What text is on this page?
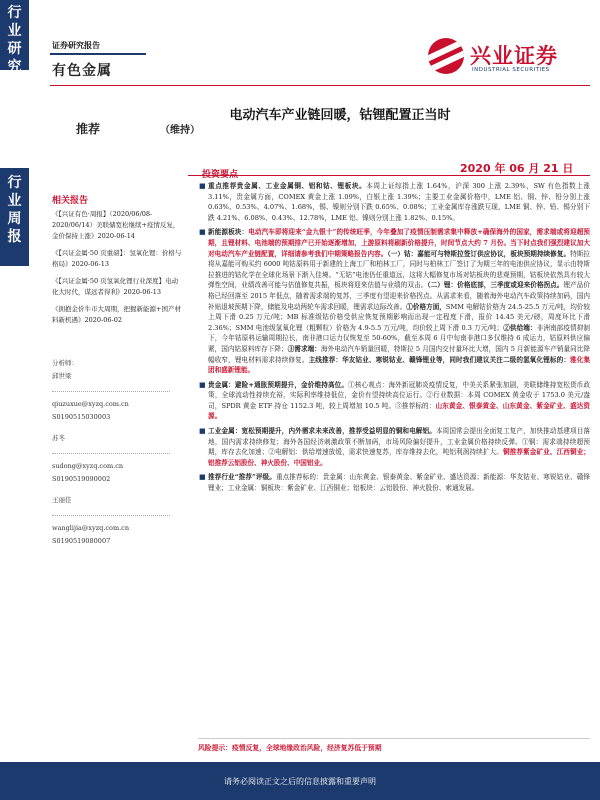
行
业
研
究
证券研究报告
有色金属
兴业证券
INDUSTRIAL SECURITIES
电动汽车产业链回暖，钴锂配置正当时
推荐	（维持）
行
业
周
报
2020 年 06 月 21 日
相关报告
《【兴证有色·周报】（2020/06/08-2020/06/14）美联储宽松继续+疫情反复，金价保持上涨》2020-06-14
《【兴证金属·50 页重磅】：氢氧化锂：价格与格局》2020-06-13
《【兴证金属·50 页氢氧化锂行业深度】电动化大时代，谋远者得利》2020-06-13
《拥抱金价牛市大周期，把握新能源+国产材料新机遇》2020-06-02
分析师：
邱世梁
qiuzuxue@xyzq.com.cn
S0190515030003
苏冬
sudong@xyzq.com.cn
S0190519090002
王丽佳
wanglijia@xyzq.com.cn
S0190519080007
投资要点
■ 重点推荐贵金属、工业金属铜、铝和钴、锂板块。本周上证综指上涨 1.64%，沪深 300 上涨 2.39%，SW 有色指数上涨 3.11%，贵金属方面，COMEX 黄金上涨 1.09%，白银上涨 1.39%；主要工业金属价格中，LME 铝、铜、锌、铅分别上涨 0.63%、0.53%、4.07%、1.68%，锡、镍则分别下跌 0.65%、0.08%；工业金属库存涨跌互现，LME 铜、锌、铅、锡分别下跌 4.21%、6.08%、0.43%、12.78%，LME 铝、镍则分别上涨 1.82%、0.15%。
■ 新能源板块：电动汽车即将迎来“金九银十”的传统旺季，今年叠加了疫情压制需求集中释放+确保海外的国家，需求端或将迎超预期，且锂材料、电池端的预期排产已开始逐渐增加，上游原料将刷新价格提升，时间节点大约 7 月份。当下时点我们强烈建议加大对电动汽车产业链配置，详细请参考我们中期策略报告内容。（一）钴：嘉能可与特斯拉签订供应协议，板块预期持续修复。特斯拉将从嘉能可购买约 6000 吨钴原料用于新建的上海工厂和柏林工厂，同时与柏林工厂签订了为期三年的电池供应协议，显示由特斯拉推进的钴化学在全球化场景下渐入佳境。“无钴”电池仍任重道远，这将大幅修复市场对钴板块的悲观预期，钴板块依然具有较大弹性空间，业绩改善可能与估值修复共振，板块将迎来估值与业绩的双击。（二）锂：价格底部，三季度或迎来价格拐点。锂产品价格已经回落至 2015 年低点，随着需求端的复苏，三季度有望迎来价格拐点。从需求来看，随着海外电动汽车政策持续加码，国内补贴退坡预期下降，储能及电动两轮车需求回暖，锂需求边际改善。①价格方面，SMM 电解钴价格为 24.5-25.5 万元/吨，均价较上周下滑 0.25 万元/吨；MB 标准级钴价格受供应恢复预期影响而出现一定程度下滑，报价 14.45 美元/磅，周度环比下滑 2.36%；SMM 电池级氢氧化锂（粗颗粒）价格为 4.9-5.5 万元/吨，均价较上周下滑 0.3 万元/吨；②供给端：非洲南部疫情抑制下，今年钴原料运输周期拉长，南非港口运力仅恢复至 50-60%，截至本周 6 月中旬南非港口多仅维持 6 成运力，钴原料供应偏紧，国内钴原料库存下降；③需求端：海外电动汽车销量回暖，特斯拉 5 月国内交付量环比大增，国内 5 月新能源车产销量同比降幅收窄，锂电材料需求持续修复。主线推荐：华友钴业、寒锐钴业、赣锋锂业等，同时我们建议关注二级的氢氧化锂标的：雅化集团和盛新锂能。
■ 贵金属：避险+通胀预期提升，金价维持高位。①核心观点：海外新冠肺炎疫情反复，中美关系紧张加剧，美联储维持宽松货币政策，全球流动性持续充裕，实际利率维持低位，金价有望持续高位运行。②行业数据：本周 COMEX 黄金收于 1753.0 美元/盎司，SPDR 黄金 ETF 持仓 1152.3 吨，较上周增加 10.5 吨。③推荐标的：山东黄金、银泰黄金、山东黄金、紫金矿业、盛达资源。
■ 工业金属：宽松预期提升，内外需求未来改善，推荐受益明显的铜和电解铝。本周国常会提出全面复工复产，加快推动基建项目落地，国内需求持续修复；海外各国经济刺激政策不断加码，市场风险偏好提升，工业金属价格持续反弹。①铜：需求端持续超预期，库存去化加速；②电解铝：供给增速放缓，需求快速复苏，库存维持去化，吨铝利润持续扩大。铜推荐紫金矿业、江西铜业；铝推荐云铝股份、神火股份、中国铝业。
■ 推荐行业“推荐”评级。重点推荐标的：贵金属：山东黄金、银泰黄金、紫金矿业、盛达资源；新能源：华友钴业、寒锐钴业、赣锋锂业；工业金属：铜板块：紫金矿业、江西铜业；铝板块：云铝股份、神火股份、索通发展。
风险提示：疫情反复，全球地缘政治风险，经济复苏低于预期
请务必阅读正文之后的信息披露和重要声明
